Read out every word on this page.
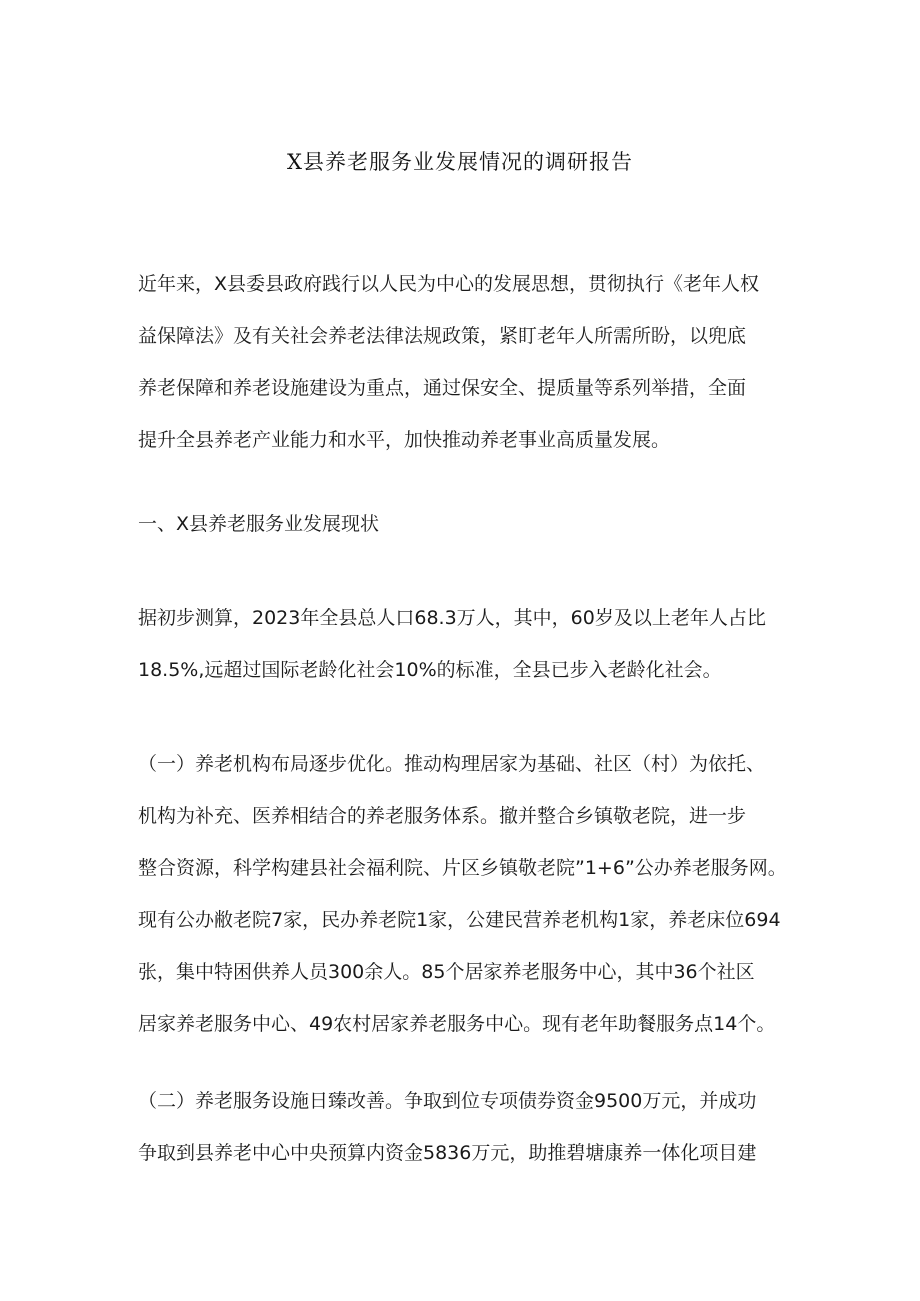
X县养老服务业发展情况的调研报告

近年来，X县委县政府践行以人民为中心的发展思想，贯彻执行《老年人权
益保障法》及有关社会养老法律法规政策，紧盯老年人所需所盼，以兜底
养老保障和养老设施建设为重点，通过保安全、提质量等系列举措，全面
提升全县养老产业能力和水平，加快推动养老事业高质量发展。

一、X县养老服务业发展现状

据初步测算，2023年全县总人口68.3万人，其中，60岁及以上老年人占比
18.5%,远超过国际老龄化社会10%的标准，全县已步入老龄化社会。

（一）养老机构布局逐步优化。推动构理居家为基础、社区（村）为依托、
机构为补充、医养相结合的养老服务体系。撤并整合乡镇敬老院，进一步
整合资源，科学构建县社会福利院、片区乡镇敬老院”1+6”公办养老服务网。
现有公办敝老院7家，民办养老院1家，公建民营养老机构1家，养老床位694
张，集中特困供养人员300余人。85个居家养老服务中心，其中36个社区
居家养老服务中心、49农村居家养老服务中心。现有老年助餐服务点14个。

（二）养老服务设施日臻改善。争取到位专项债券资金9500万元，并成功
争取到县养老中心中央预算内资金5836万元，助推碧塘康养一体化项目建
